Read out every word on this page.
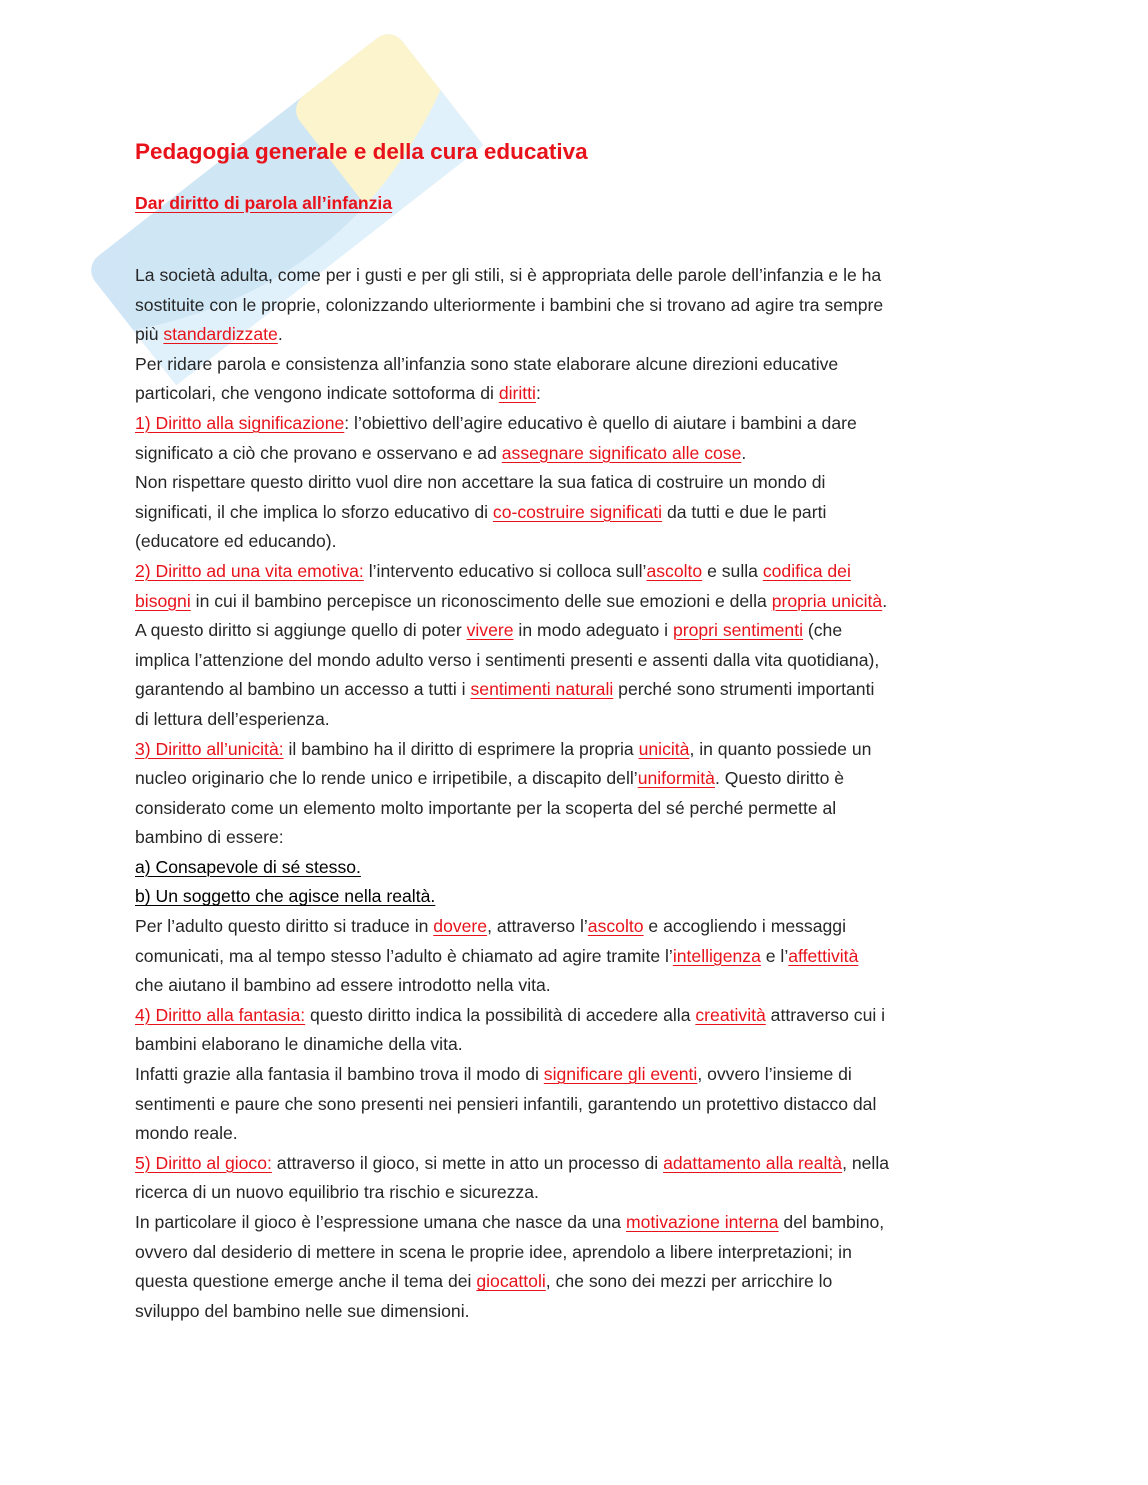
Pedagogia generale e della cura educativa
Dar diritto di parola all’infanzia
La società adulta, come per i gusti e per gli stili, si è appropriata delle parole dell’infanzia e le ha
sostituite con le proprie, colonizzando ulteriormente i bambini che si trovano ad agire tra sempre
più standardizzate.
Per ridare parola e consistenza all’infanzia sono state elaborare alcune direzioni educative
particolari, che vengono indicate sottoforma di diritti:
1) Diritto alla significazione: l’obiettivo dell’agire educativo è quello di aiutare i bambini a dare
significato a ciò che provano e osservano e ad assegnare significato alle cose.
Non rispettare questo diritto vuol dire non accettare la sua fatica di costruire un mondo di
significati, il che implica lo sforzo educativo di co-costruire significati da tutti e due le parti
(educatore ed educando).
2) Diritto ad una vita emotiva: l’intervento educativo si colloca sull’ascolto e sulla codifica dei
bisogni in cui il bambino percepisce un riconoscimento delle sue emozioni e della propria unicità.
A questo diritto si aggiunge quello di poter vivere in modo adeguato i propri sentimenti (che
implica l’attenzione del mondo adulto verso i sentimenti presenti e assenti dalla vita quotidiana),
garantendo al bambino un accesso a tutti i sentimenti naturali perché sono strumenti importanti
di lettura dell’esperienza.
3) Diritto all’unicità: il bambino ha il diritto di esprimere la propria unicità, in quanto possiede un
nucleo originario che lo rende unico e irripetibile, a discapito dell’uniformità. Questo diritto è
considerato come un elemento molto importante per la scoperta del sé perché permette al
bambino di essere:
a) Consapevole di sé stesso.
b) Un soggetto che agisce nella realtà.
Per l’adulto questo diritto si traduce in dovere, attraverso l’ascolto e accogliendo i messaggi
comunicati, ma al tempo stesso l’adulto è chiamato ad agire tramite l’intelligenza e l’affettività
che aiutano il bambino ad essere introdotto nella vita.
4) Diritto alla fantasia: questo diritto indica la possibilità di accedere alla creatività attraverso cui i
bambini elaborano le dinamiche della vita.
Infatti grazie alla fantasia il bambino trova il modo di significare gli eventi, ovvero l’insieme di
sentimenti e paure che sono presenti nei pensieri infantili, garantendo un protettivo distacco dal
mondo reale.
5) Diritto al gioco: attraverso il gioco, si mette in atto un processo di adattamento alla realtà, nella
ricerca di un nuovo equilibrio tra rischio e sicurezza.
In particolare il gioco è l’espressione umana che nasce da una motivazione interna del bambino,
ovvero dal desiderio di mettere in scena le proprie idee, aprendolo a libere interpretazioni; in
questa questione emerge anche il tema dei giocattoli, che sono dei mezzi per arricchire lo
sviluppo del bambino nelle sue dimensioni.
